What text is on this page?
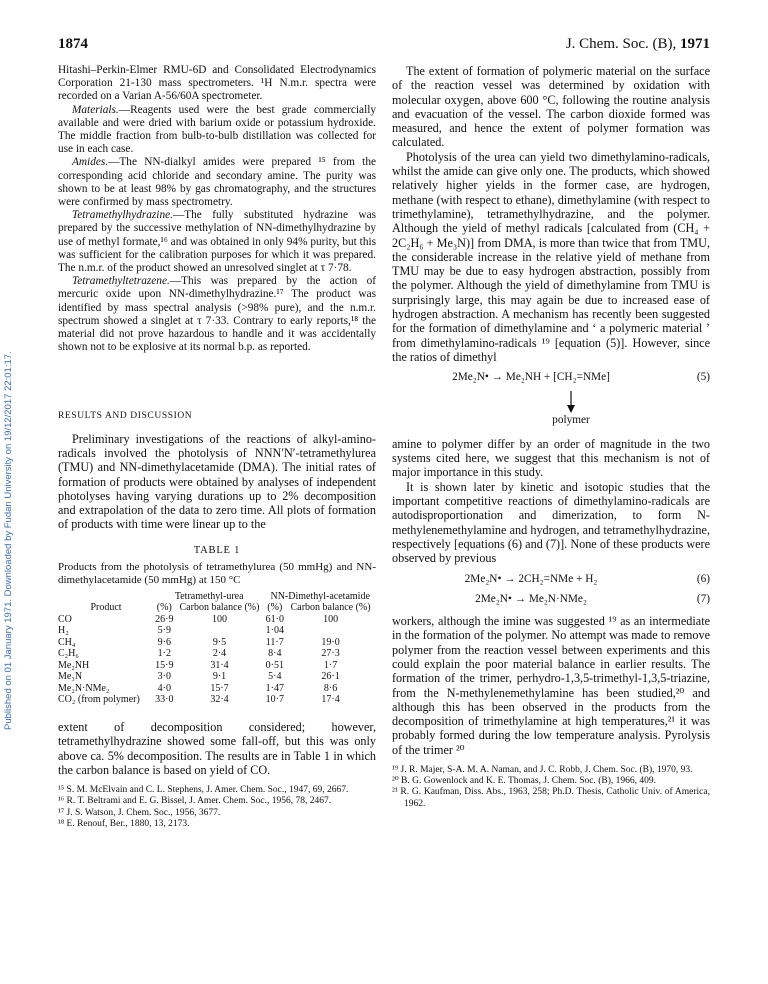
1874	J. Chem. Soc. (B), 1971
Published on 01 January 1971. Downloaded by Fudan University on 19/12/2017 22:01:17.

Hitashi–Perkin-Elmer RMU-6D and Consolidated Electrodynamics Corporation 21-130 mass spectrometers. ¹H N.m.r. spectra were recorded on a Varian A-56/60A spectrometer.

Materials.—Reagents used were the best grade commercially available and were dried with barium oxide or potassium hydroxide. The middle fraction from bulb-to-bulb distillation was collected for use in each case.

Amides.—The NN-dialkyl amides were prepared ¹⁵ from the corresponding acid chloride and secondary amine. The purity was shown to be at least 98% by gas chromatography, and the structures were confirmed by mass spectrometry.

Tetramethylhydrazine.—The fully substituted hydrazine was prepared by the successive methylation of NN-dimethylhydrazine by use of methyl formate,¹⁶ and was obtained in only 94% purity, but this was sufficient for the calibration purposes for which it was prepared. The n.m.r. of the product showed an unresolved singlet at τ 7·78.

Tetramethyltetrazene.—This was prepared by the action of mercuric oxide upon NN-dimethylhydrazine.¹⁷ The product was identified by mass spectral analysis (>98% pure), and the n.m.r. spectrum showed a singlet at τ 7·33. Contrary to early reports,¹⁸ the material did not prove hazardous to handle and it was accidentally shown not to be explosive at its normal b.p. as reported.

RESULTS AND DISCUSSION

Preliminary investigations of the reactions of alkyl-amino-radicals involved the photolysis of NNN′N′-tetramethylurea (TMU) and NN-dimethylacetamide (DMA). The initial rates of formation of products were obtained by analyses of independent photolyses having varying durations up to 2% decomposition and extrapolation of the data to zero time. All plots of formation of products with time were linear up to the

TABLE 1
Products from the photolysis of tetramethylurea (50 mmHg) and NN-dimethylacetamide (50 mmHg) at 150 °C
	Tetramethyl-urea		NN-Dimethyl-acetamide	
Product	(%)	Carbon balance (%)	(%)	Carbon balance (%)
CO	26·9	100	61·0	100
H₂	5·9		1·04	
CH₄	9·6	9·5	11·7	19·0
C₂H₆	1·2	2·4	8·4	27·3
Me₂NH	15·9	31·4	0·51	1·7
Me₃N	3·0	9·1	5·4	26·1
Me₂N·NMe₂	4·0	15·7	1·47	8·6
CO₂ (from polymer)	33·0	32·4	10·7	17·4

extent of decomposition considered; however, tetramethylhydrazine showed some fall-off, but this was only above ca. 5% decomposition. The results are in Table 1 in which the carbon balance is based on yield of CO.

¹⁵ S. M. McElvain and C. L. Stephens, J. Amer. Chem. Soc., 1947, 69, 2667.
¹⁶ R. T. Beltrami and E. G. Bissel, J. Amer. Chem. Soc., 1956, 78, 2467.
¹⁷ J. S. Watson, J. Chem. Soc., 1956, 3677.
¹⁸ E. Renouf, Ber., 1880, 13, 2173.

The extent of formation of polymeric material on the surface of the reaction vessel was determined by oxidation with molecular oxygen, above 600 °C, following the routine analysis and evacuation of the vessel. The carbon dioxide formed was measured, and hence the extent of polymer formation was calculated.

Photolysis of the urea can yield two dimethylamino-radicals, whilst the amide can give only one. The products, which showed relatively higher yields in the former case, are hydrogen, methane (with respect to ethane), dimethylamine (with respect to trimethylamine), tetramethylhydrazine, and the polymer. Although the yield of methyl radicals [calculated from (CH₄ + 2C₂H₆ + Me₃N)] from DMA, is more than twice that from TMU, the considerable increase in the relative yield of methane from TMU may be due to easy hydrogen abstraction, possibly from the polymer. Although the yield of dimethylamine from TMU is surprisingly large, this may again be due to increased ease of hydrogen abstraction. A mechanism has recently been suggested for the formation of dimethylamine and ‘ a polymeric material ’ from dimethylamino-radicals ¹⁹ [equation (5)]. However, since the ratios of dimethyl

2Me₂N• → Me₂NH + [CH₂=NMe]	(5)
polymer

amine to polymer differ by an order of magnitude in the two systems cited here, we suggest that this mechanism is not of major importance in this study.

It is shown later by kinetic and isotopic studies that the important competitive reactions of dimethylamino-radicals are autodisproportionation and dimerization, to form N-methylenemethylamine and hydrogen, and tetramethylhydrazine, respectively [equations (6) and (7)]. None of these products were observed by previous

2Me₂N• → 2CH₂=NMe + H₂	(6)
2Me₂N• → Me₂N·NMe₂	(7)

workers, although the imine was suggested ¹⁹ as an intermediate in the formation of the polymer. No attempt was made to remove polymer from the reaction vessel between experiments and this could explain the poor material balance in earlier results. The formation of the trimer, perhydro-1,3,5-trimethyl-1,3,5-triazine, from the N-methylenemethylamine has been studied,²⁰ and although this has been observed in the products from the decomposition of trimethylamine at high temperatures,²¹ it was probably formed during the low temperature analysis. Pyrolysis of the trimer ²⁰

¹⁹ J. R. Majer, S-A. M. A. Naman, and J. C. Robb, J. Chem. Soc. (B), 1970, 93.
²⁰ B. G. Gowenlock and K. E. Thomas, J. Chem. Soc. (B), 1966, 409.
²¹ R. G. Kaufman, Diss. Abs., 1963, 258; Ph.D. Thesis, Catholic Univ. of America, 1962.
